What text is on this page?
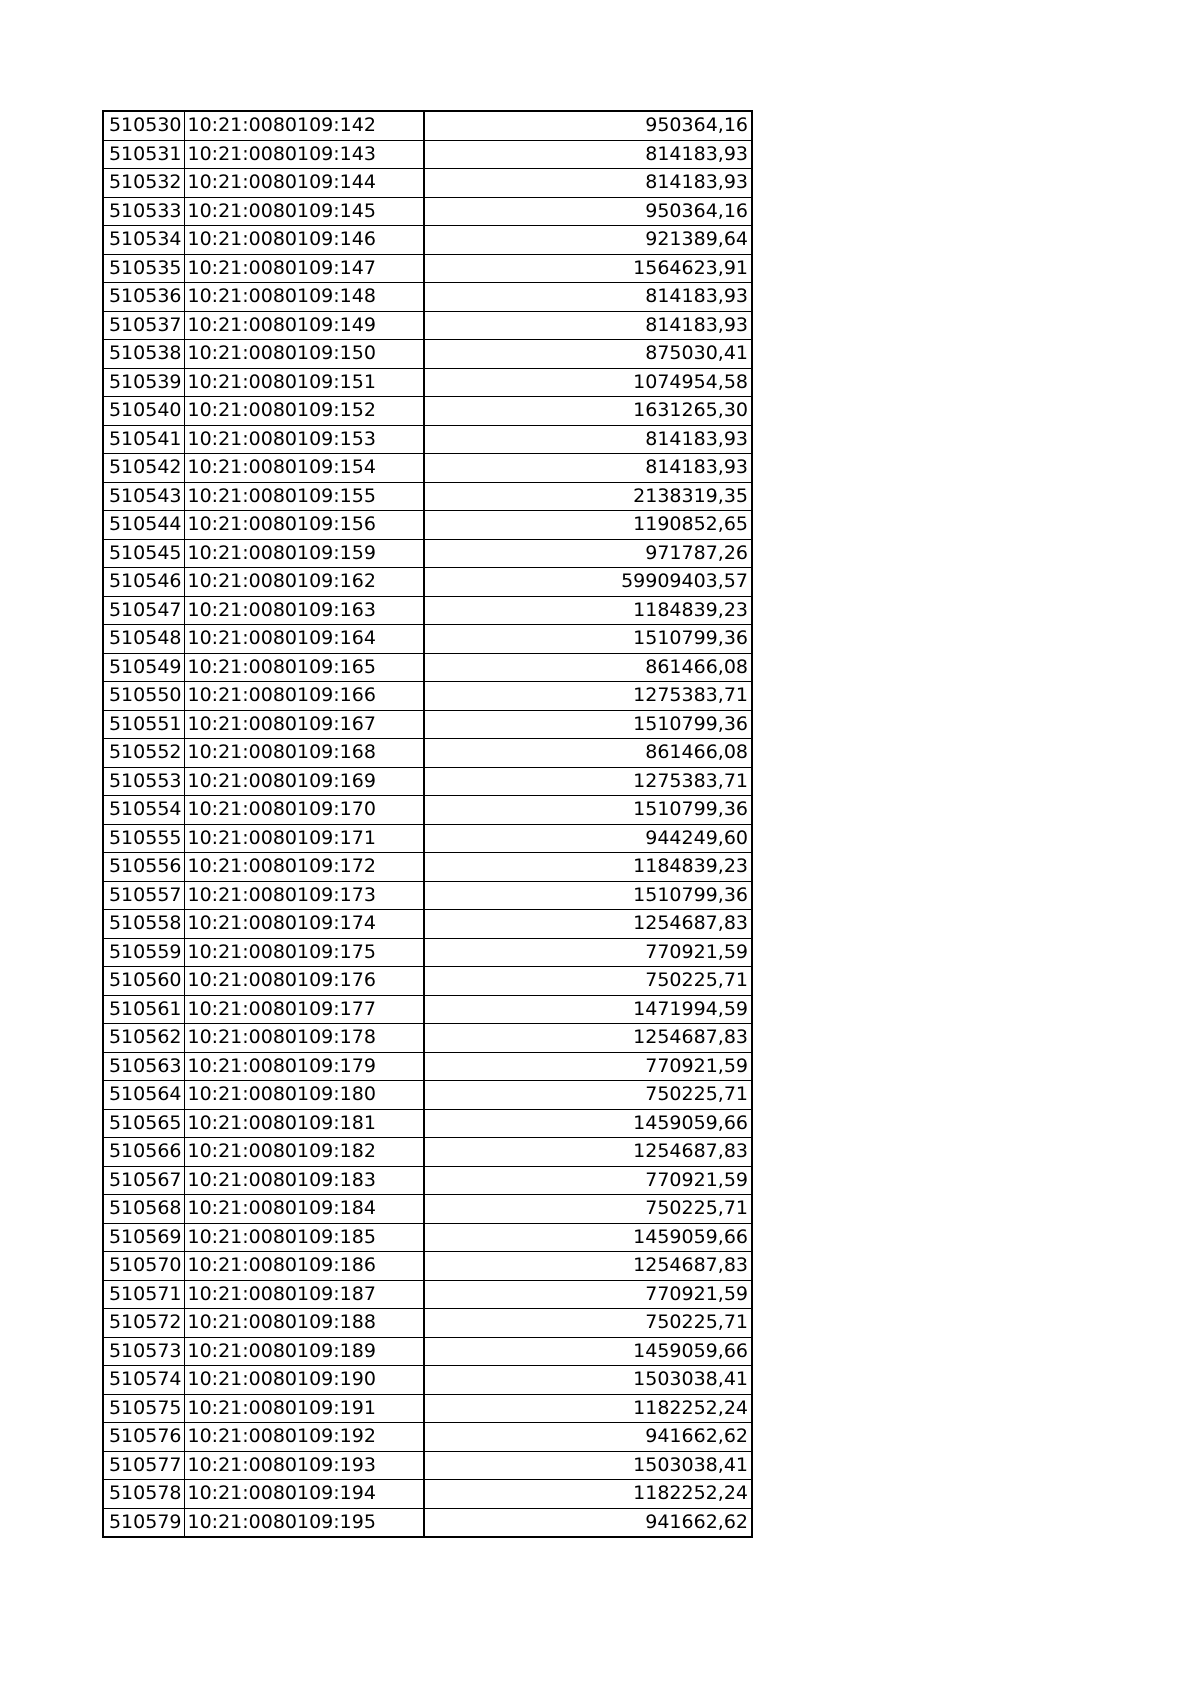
510530	10:21:0080109:142	950364,16
510531	10:21:0080109:143	814183,93
510532	10:21:0080109:144	814183,93
510533	10:21:0080109:145	950364,16
510534	10:21:0080109:146	921389,64
510535	10:21:0080109:147	1564623,91
510536	10:21:0080109:148	814183,93
510537	10:21:0080109:149	814183,93
510538	10:21:0080109:150	875030,41
510539	10:21:0080109:151	1074954,58
510540	10:21:0080109:152	1631265,30
510541	10:21:0080109:153	814183,93
510542	10:21:0080109:154	814183,93
510543	10:21:0080109:155	2138319,35
510544	10:21:0080109:156	1190852,65
510545	10:21:0080109:159	971787,26
510546	10:21:0080109:162	59909403,57
510547	10:21:0080109:163	1184839,23
510548	10:21:0080109:164	1510799,36
510549	10:21:0080109:165	861466,08
510550	10:21:0080109:166	1275383,71
510551	10:21:0080109:167	1510799,36
510552	10:21:0080109:168	861466,08
510553	10:21:0080109:169	1275383,71
510554	10:21:0080109:170	1510799,36
510555	10:21:0080109:171	944249,60
510556	10:21:0080109:172	1184839,23
510557	10:21:0080109:173	1510799,36
510558	10:21:0080109:174	1254687,83
510559	10:21:0080109:175	770921,59
510560	10:21:0080109:176	750225,71
510561	10:21:0080109:177	1471994,59
510562	10:21:0080109:178	1254687,83
510563	10:21:0080109:179	770921,59
510564	10:21:0080109:180	750225,71
510565	10:21:0080109:181	1459059,66
510566	10:21:0080109:182	1254687,83
510567	10:21:0080109:183	770921,59
510568	10:21:0080109:184	750225,71
510569	10:21:0080109:185	1459059,66
510570	10:21:0080109:186	1254687,83
510571	10:21:0080109:187	770921,59
510572	10:21:0080109:188	750225,71
510573	10:21:0080109:189	1459059,66
510574	10:21:0080109:190	1503038,41
510575	10:21:0080109:191	1182252,24
510576	10:21:0080109:192	941662,62
510577	10:21:0080109:193	1503038,41
510578	10:21:0080109:194	1182252,24
510579	10:21:0080109:195	941662,62
